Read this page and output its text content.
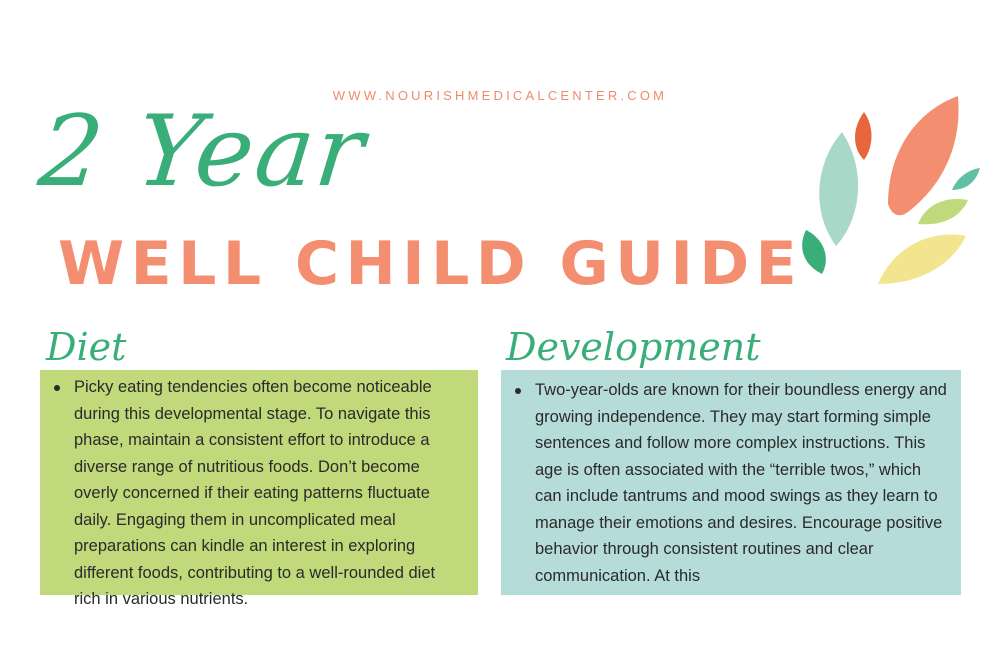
WWW.NOURISHMEDICALCENTER.COM
2 Year
WELL CHILD GUIDE
Diet	Development
Picky eating tendencies often become noticeable during this developmental stage. To navigate this phase, maintain a consistent effort to introduce a diverse range of nutritious foods. Don’t become overly concerned if their eating patterns fluctuate daily. Engaging them in uncomplicated meal preparations can kindle an interest in exploring different foods, contributing to a well-rounded diet rich in various nutrients.
Two-year-olds are known for their boundless energy and growing independence. They may start forming simple sentences and follow more complex instructions. This age is often associated with the “terrible twos,” which can include tantrums and mood swings as they learn to manage their emotions and desires. Encourage positive behavior through consistent routines and clear communication. At this
